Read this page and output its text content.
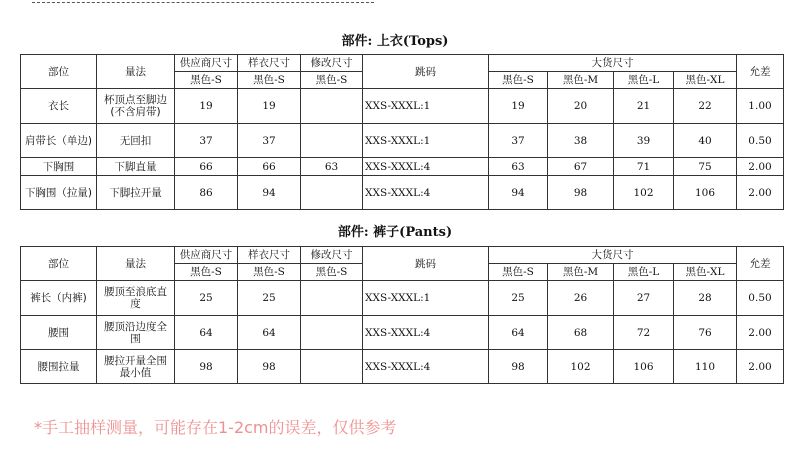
部件: 上衣(Tops)
部位	量法	供应商尺寸	样衣尺寸	修改尺寸	跳码	大货尺寸				允差
		黑色-S	黑色-S	黑色-S		黑色-S	黑色-M	黑色-L	黑色-XL	
衣长	杯顶点至脚边(不含肩带)	19	19		XXS-XXXL:1	19	20	21	22	1.00
肩带长（单边)	无回扣	37	37		XXS-XXXL:1	37	38	39	40	0.50
下胸围	下脚直量	66	66	63	XXS-XXXL:4	63	67	71	75	2.00
下胸围（拉量)	下脚拉开量	86	94		XXS-XXXL:4	94	98	102	106	2.00
部件: 裤子(Pants)
部位	量法	供应商尺寸	样衣尺寸	修改尺寸	跳码	大货尺寸				允差
		黑色-S	黑色-S	黑色-S		黑色-S	黑色-M	黑色-L	黑色-XL	
裤长（内裤)	腰顶至浪底直度	25	25		XXS-XXXL:1	25	26	27	28	0.50
腰围	腰顶沿边度全围	64	64		XXS-XXXL:4	64	68	72	76	2.00
腰围拉量	腰拉开量全围最小值	98	98		XXS-XXXL:4	98	102	106	110	2.00
*手工抽样测量，可能存在1-2cm的误差，仅供参考
